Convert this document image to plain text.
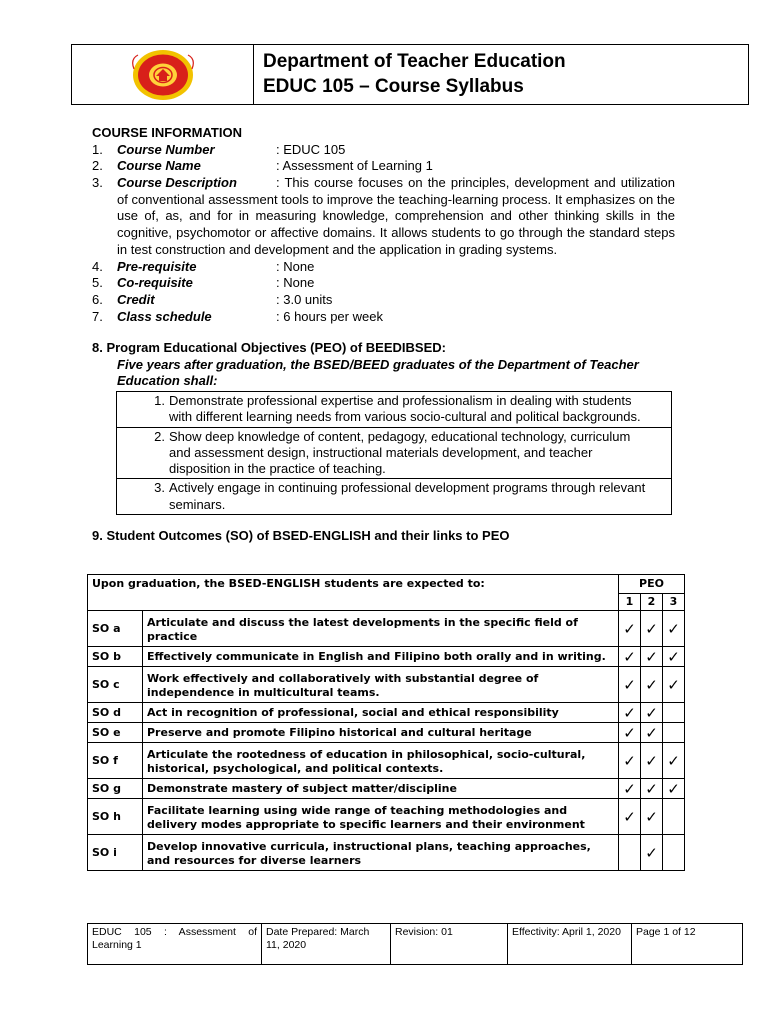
Department of Teacher Education
EDUC 105 – Course Syllabus
COURSE INFORMATION
1. Course Number	: EDUC 105
2. Course Name	: Assessment of Learning 1
3. Course Description	: This course focuses on the principles, development and utilization of conventional assessment tools to improve the teaching-learning process. It emphasizes on the use of, as, and for in measuring knowledge, comprehension and other thinking skills in the cognitive, psychomotor or affective domains. It allows students to go through the standard steps in test construction and development and the application in grading systems.
4. Pre-requisite	: None
5. Co-requisite	: None
6. Credit	: 3.0 units
7. Class schedule	: 6 hours per week
8. Program Educational Objectives (PEO) of BEEDIBSED:
Five years after graduation, the BSED/BEED graduates of the Department of Teacher Education shall:
1. Demonstrate professional expertise and professionalism in dealing with students with different learning needs from various socio-cultural and political backgrounds.
2. Show deep knowledge of content, pedagogy, educational technology, curriculum and assessment design, instructional materials development, and teacher disposition in the practice of teaching.
3. Actively engage in continuing professional development programs through relevant seminars.
9. Student Outcomes (SO) of BSED-ENGLISH and their links to PEO
Upon graduation, the BSED-ENGLISH students are expected to:		PEO		
		1	2	3
SO a	Articulate and discuss the latest developments in the specific field of practice	✓	✓	✓
SO b	Effectively communicate in English and Filipino both orally and in writing.	✓	✓	✓
SO c	Work effectively and collaboratively with substantial degree of independence in multicultural teams.	✓	✓	✓
SO d	Act in recognition of professional, social and ethical responsibility	✓	✓	
SO e	Preserve and promote Filipino historical and cultural heritage	✓	✓	
SO f	Articulate the rootedness of education in philosophical, socio-cultural, historical, psychological, and political contexts.	✓	✓	✓
SO g	Demonstrate mastery of subject matter/discipline	✓	✓	✓
SO h	Facilitate learning using wide range of teaching methodologies and delivery modes appropriate to specific learners and their environment	✓	✓	
SO i	Develop innovative curricula, instructional plans, teaching approaches, and resources for diverse learners		✓	
EDUC 105 : Assessment of Learning 1	Date Prepared: March 11, 2020	Revision: 01	Effectivity: April 1, 2020	Page 1 of 12
